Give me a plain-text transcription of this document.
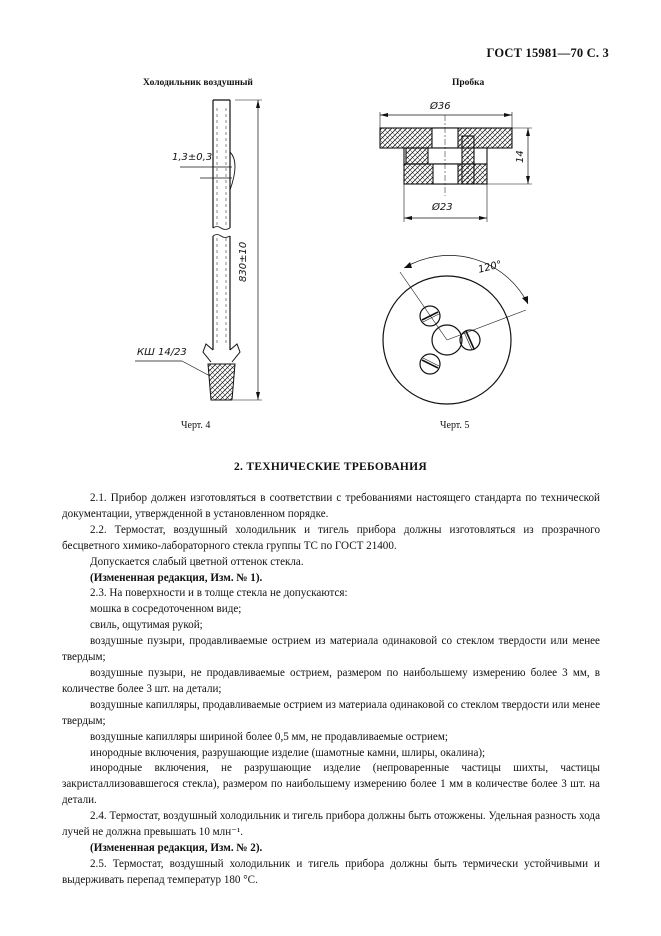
ГОСТ 15981—70 С. 3
Холодильник воздушный	Пробка
1,3±0,3
830±10
КШ 14/23
Черт. 4
Ø36
14
Ø23
120°
Черт. 5
2. ТЕХНИЧЕСКИЕ ТРЕБОВАНИЯ

2.1. Прибор должен изготовляться в соответствии с требованиями настоящего стандарта по технической документации, утвержденной в установленном порядке.

2.2. Термостат, воздушный холодильник и тигель прибора должны изготовляться из прозрачного бесцветного химико-лабораторного стекла группы ТС по ГОСТ 21400.

Допускается слабый цветной оттенок стекла.

(Измененная редакция, Изм. № 1).

2.3. На поверхности и в толще стекла не допускаются:

мошка в сосредоточенном виде;

свиль, ощутимая рукой;

воздушные пузыри, продавливаемые острием из материала одинаковой со стеклом твердости или менее твердым;

воздушные пузыри, не продавливаемые острием, размером по наибольшему измерению более 3 мм, в количестве более 3 шт. на детали;

воздушные капилляры, продавливаемые острием из материала одинаковой со стеклом твердости или менее твердым;

воздушные капилляры шириной более 0,5 мм, не продавливаемые острием;

инородные включения, разрушающие изделие (шамотные камни, шлиры, окалина);

инородные включения, не разрушающие изделие (непроваренные частицы шихты, частицы закристаллизовавшегося стекла), размером по наибольшему измерению более 1 мм в количестве более 3 шт. на детали.

2.4. Термостат, воздушный холодильник и тигель прибора должны быть отожжены. Удельная разность хода лучей не должна превышать 10 млн⁻¹.

(Измененная редакция, Изм. № 2).

2.5. Термостат, воздушный холодильник и тигель прибора должны быть термически устойчивыми и выдерживать перепад температур 180 °С.
